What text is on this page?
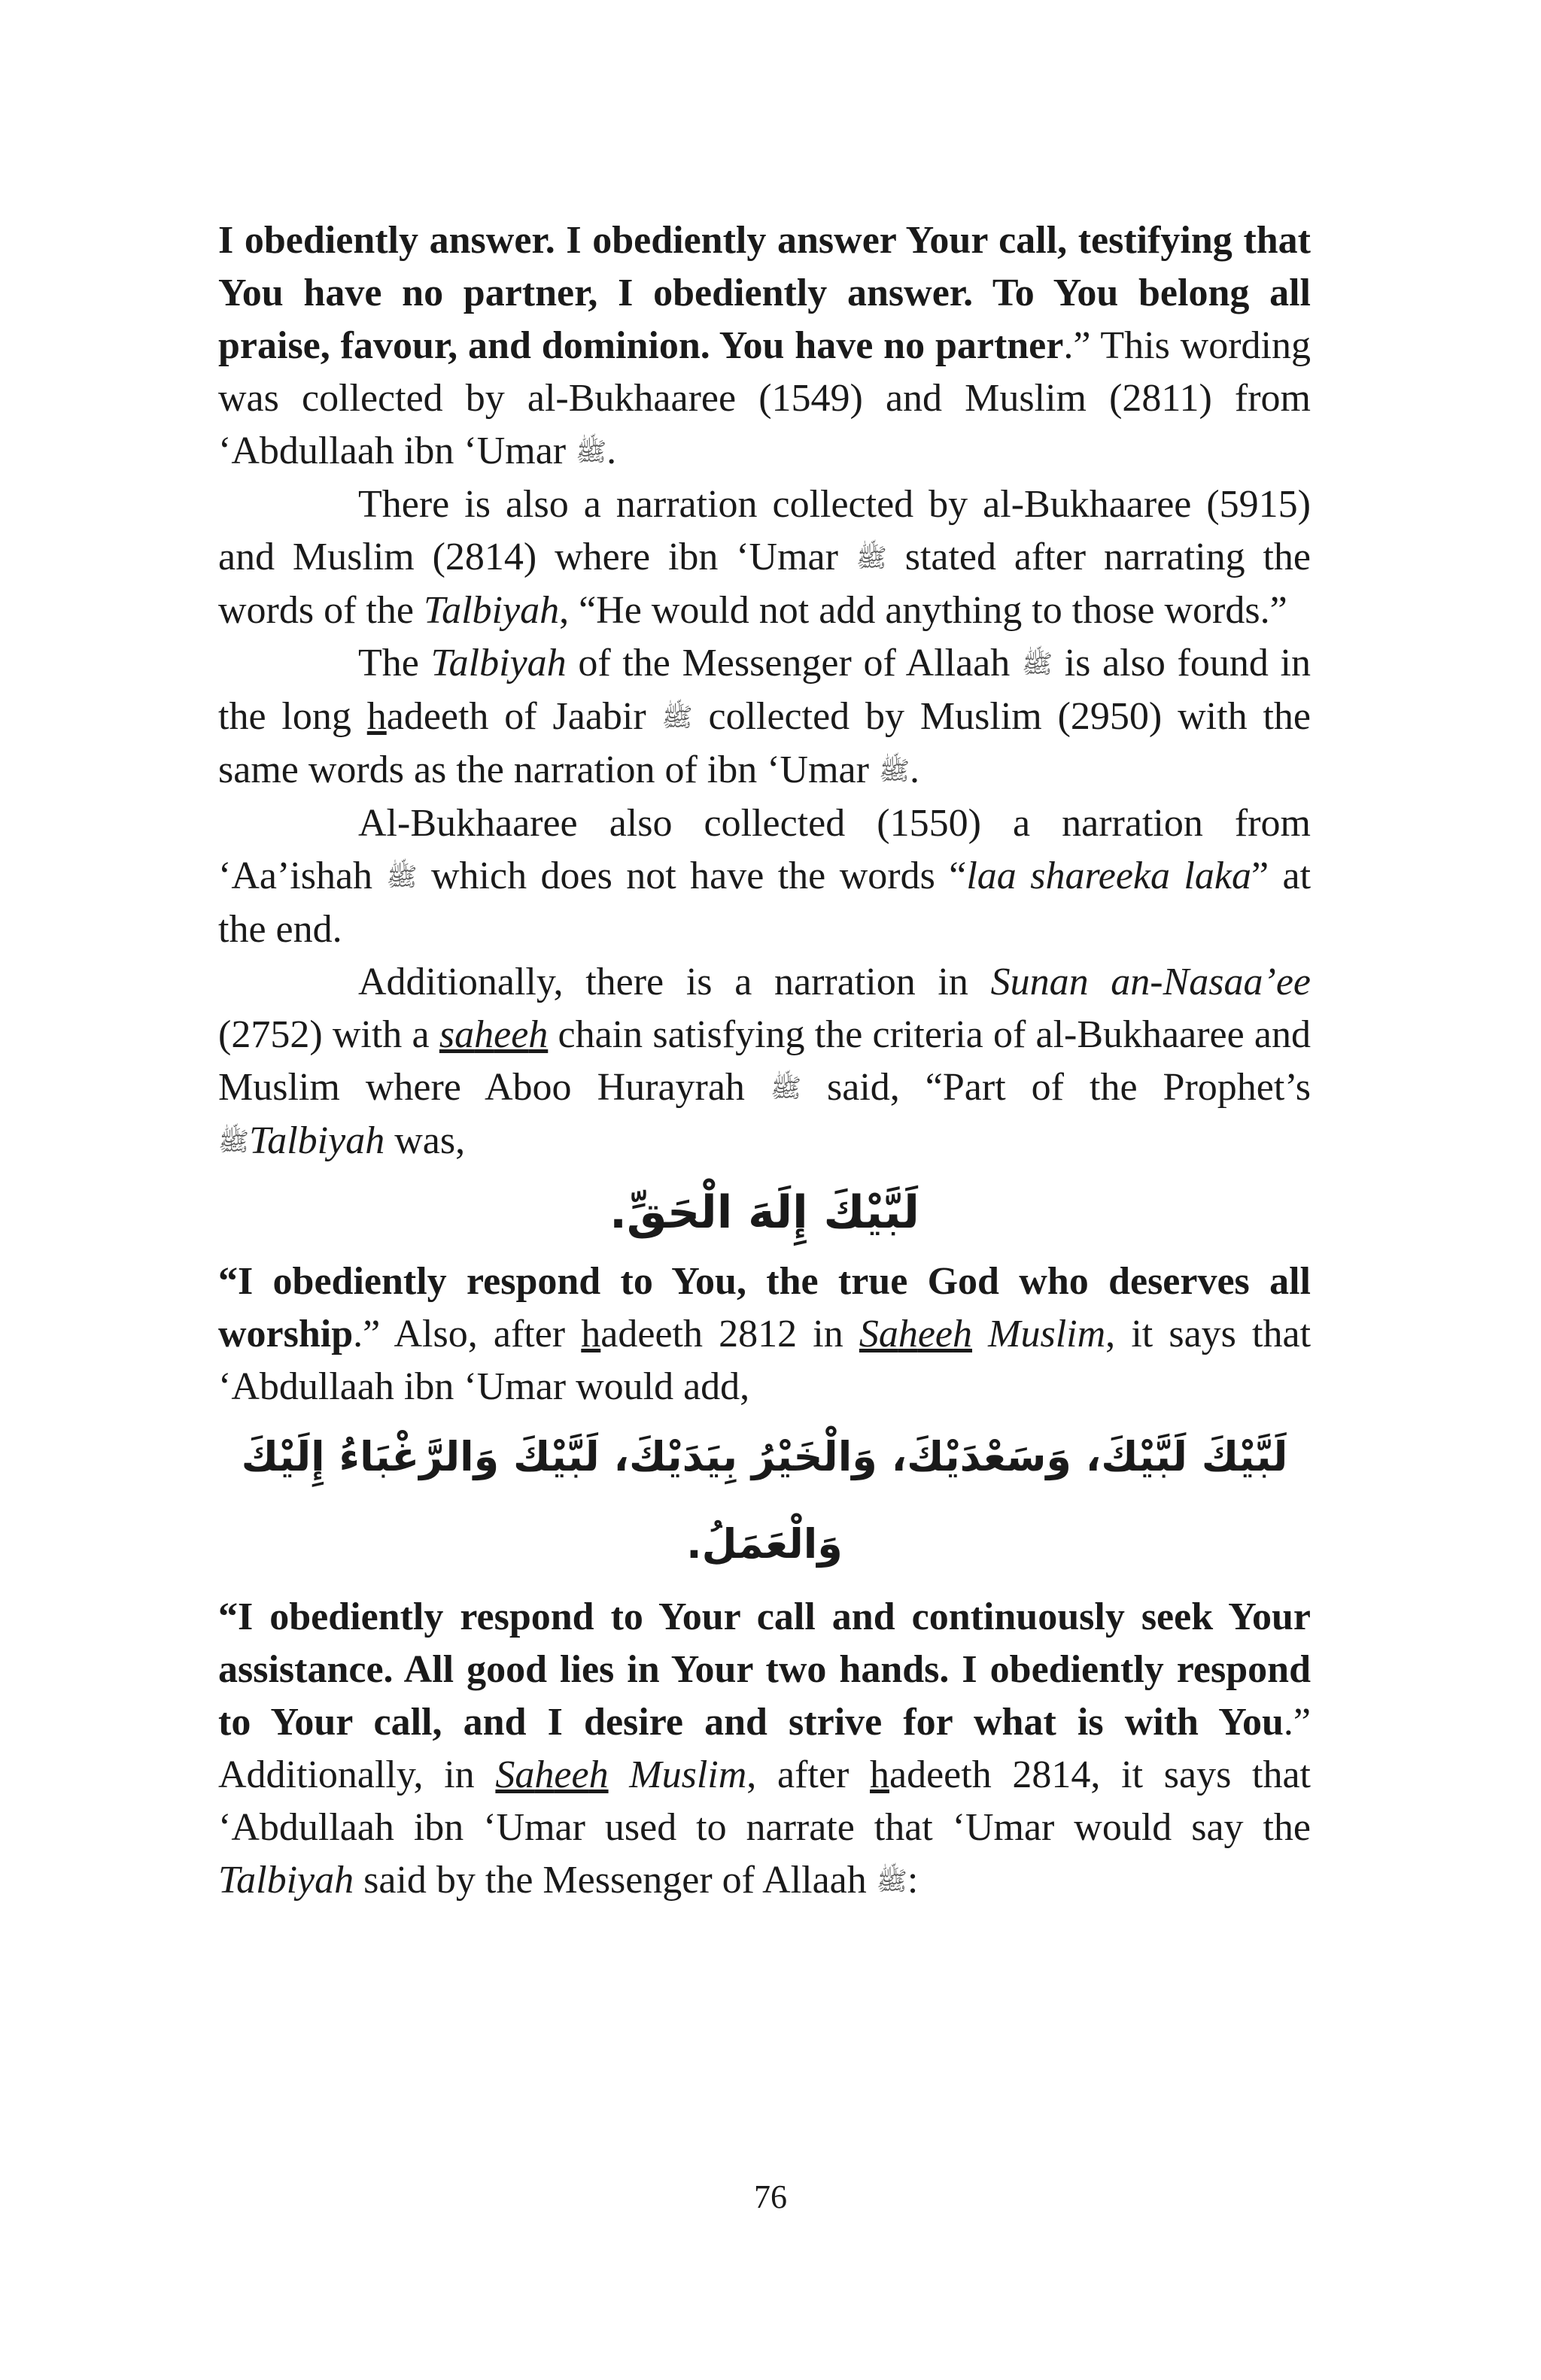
I obediently answer. I obediently answer Your call, testifying that You have no partner, I obediently answer. To You belong all praise, favour, and dominion. You have no partner.” This wording was collected by al-Bukhaaree (1549) and Muslim (2811) from ‘Abdullaah ibn ‘Umar ﷺ.

There is also a narration collected by al-Bukhaaree (5915) and Muslim (2814) where ibn ‘Umar ﷺ stated after narrating the words of the Talbiyah, “He would not add anything to those words.”

The Talbiyah of the Messenger of Allaah ﷺ is also found in the long hadeeth of Jaabir ﷺ collected by Muslim (2950) with the same words as the narration of ibn ‘Umar ﷺ.

Al-Bukhaaree also collected (1550) a narration from ‘Aa’ishah ﷺ which does not have the words “laa shareeka laka” at the end.

Additionally, there is a narration in Sunan an-Nasaa’ee (2752) with a saheeh chain satisfying the criteria of al-Bukhaaree and Muslim where Aboo Hurayrah ﷺ said, “Part of the Prophet’s ﷺTalbiyah was,

لَبَّيْكَ إِلَهَ الْحَقِّ.

“I obediently respond to You, the true God who deserves all worship.” Also, after hadeeth 2812 in Saheeh Muslim, it says that ‘Abdullaah ibn ‘Umar would add,

لَبَّيْكَ لَبَّيْكَ، وَسَعْدَيْكَ، وَالْخَيْرُ بِيَدَيْكَ، لَبَّيْكَ وَالرَّغْبَاءُ إِلَيْكَ وَالْعَمَلُ.

“I obediently respond to Your call and continuously seek Your assistance. All good lies in Your two hands. I obediently respond to Your call, and I desire and strive for what is with You.” Additionally, in Saheeh Muslim, after hadeeth 2814, it says that ‘Abdullaah ibn ‘Umar used to narrate that ‘Umar would say the Talbiyah said by the Messenger of Allaah ﷺ:

76
